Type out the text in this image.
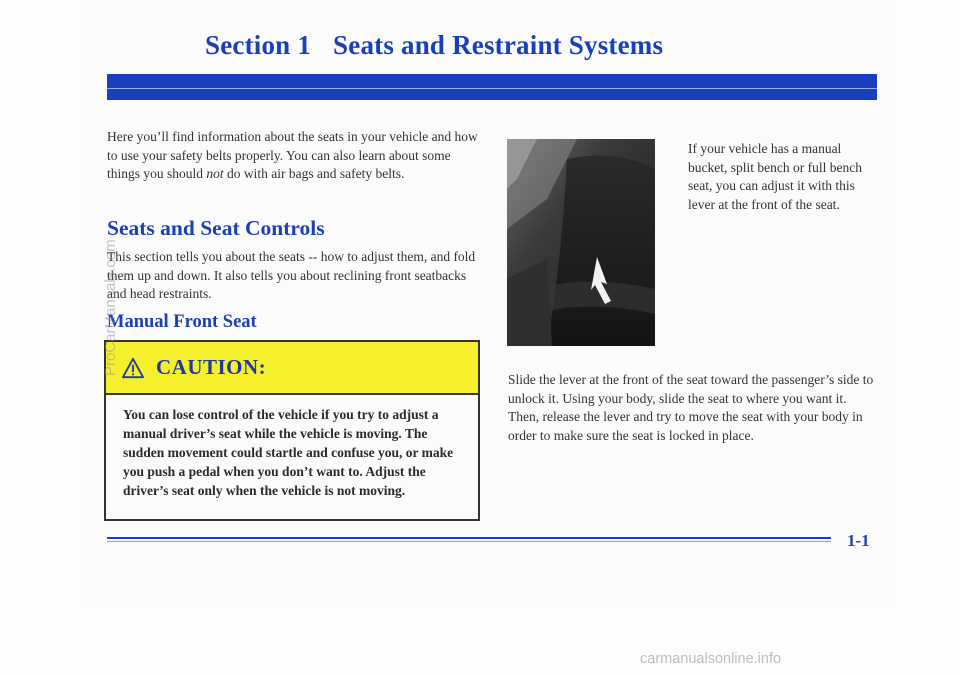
Section 1 Seats and Restraint Systems

Here you’ll find information about the seats in your vehicle and how to use your safety belts properly. You can also learn about some things you should not do with air bags and safety belts.

Seats and Seat Controls

This section tells you about the seats -- how to adjust them, and fold them up and down. It also tells you about reclining front seatbacks and head restraints.

Manual Front Seat
CAUTION:
You can lose control of the vehicle if you try to adjust a manual driver’s seat while the vehicle is moving. The sudden movement could startle and confuse you, or make you push a pedal when you don’t want to. Adjust the driver’s seat only when the vehicle is not moving.

If your vehicle has a manual bucket, split bench or full bench seat, you can adjust it with this lever at the front of the seat.

Slide the lever at the front of the seat toward the passenger’s side to unlock it. Using your body, slide the seat to where you want it. Then, release the lever and try to move the seat with your body in order to make sure the seat is locked in place.

1-1
ProCarManuals.com
carmanualsonline.info
